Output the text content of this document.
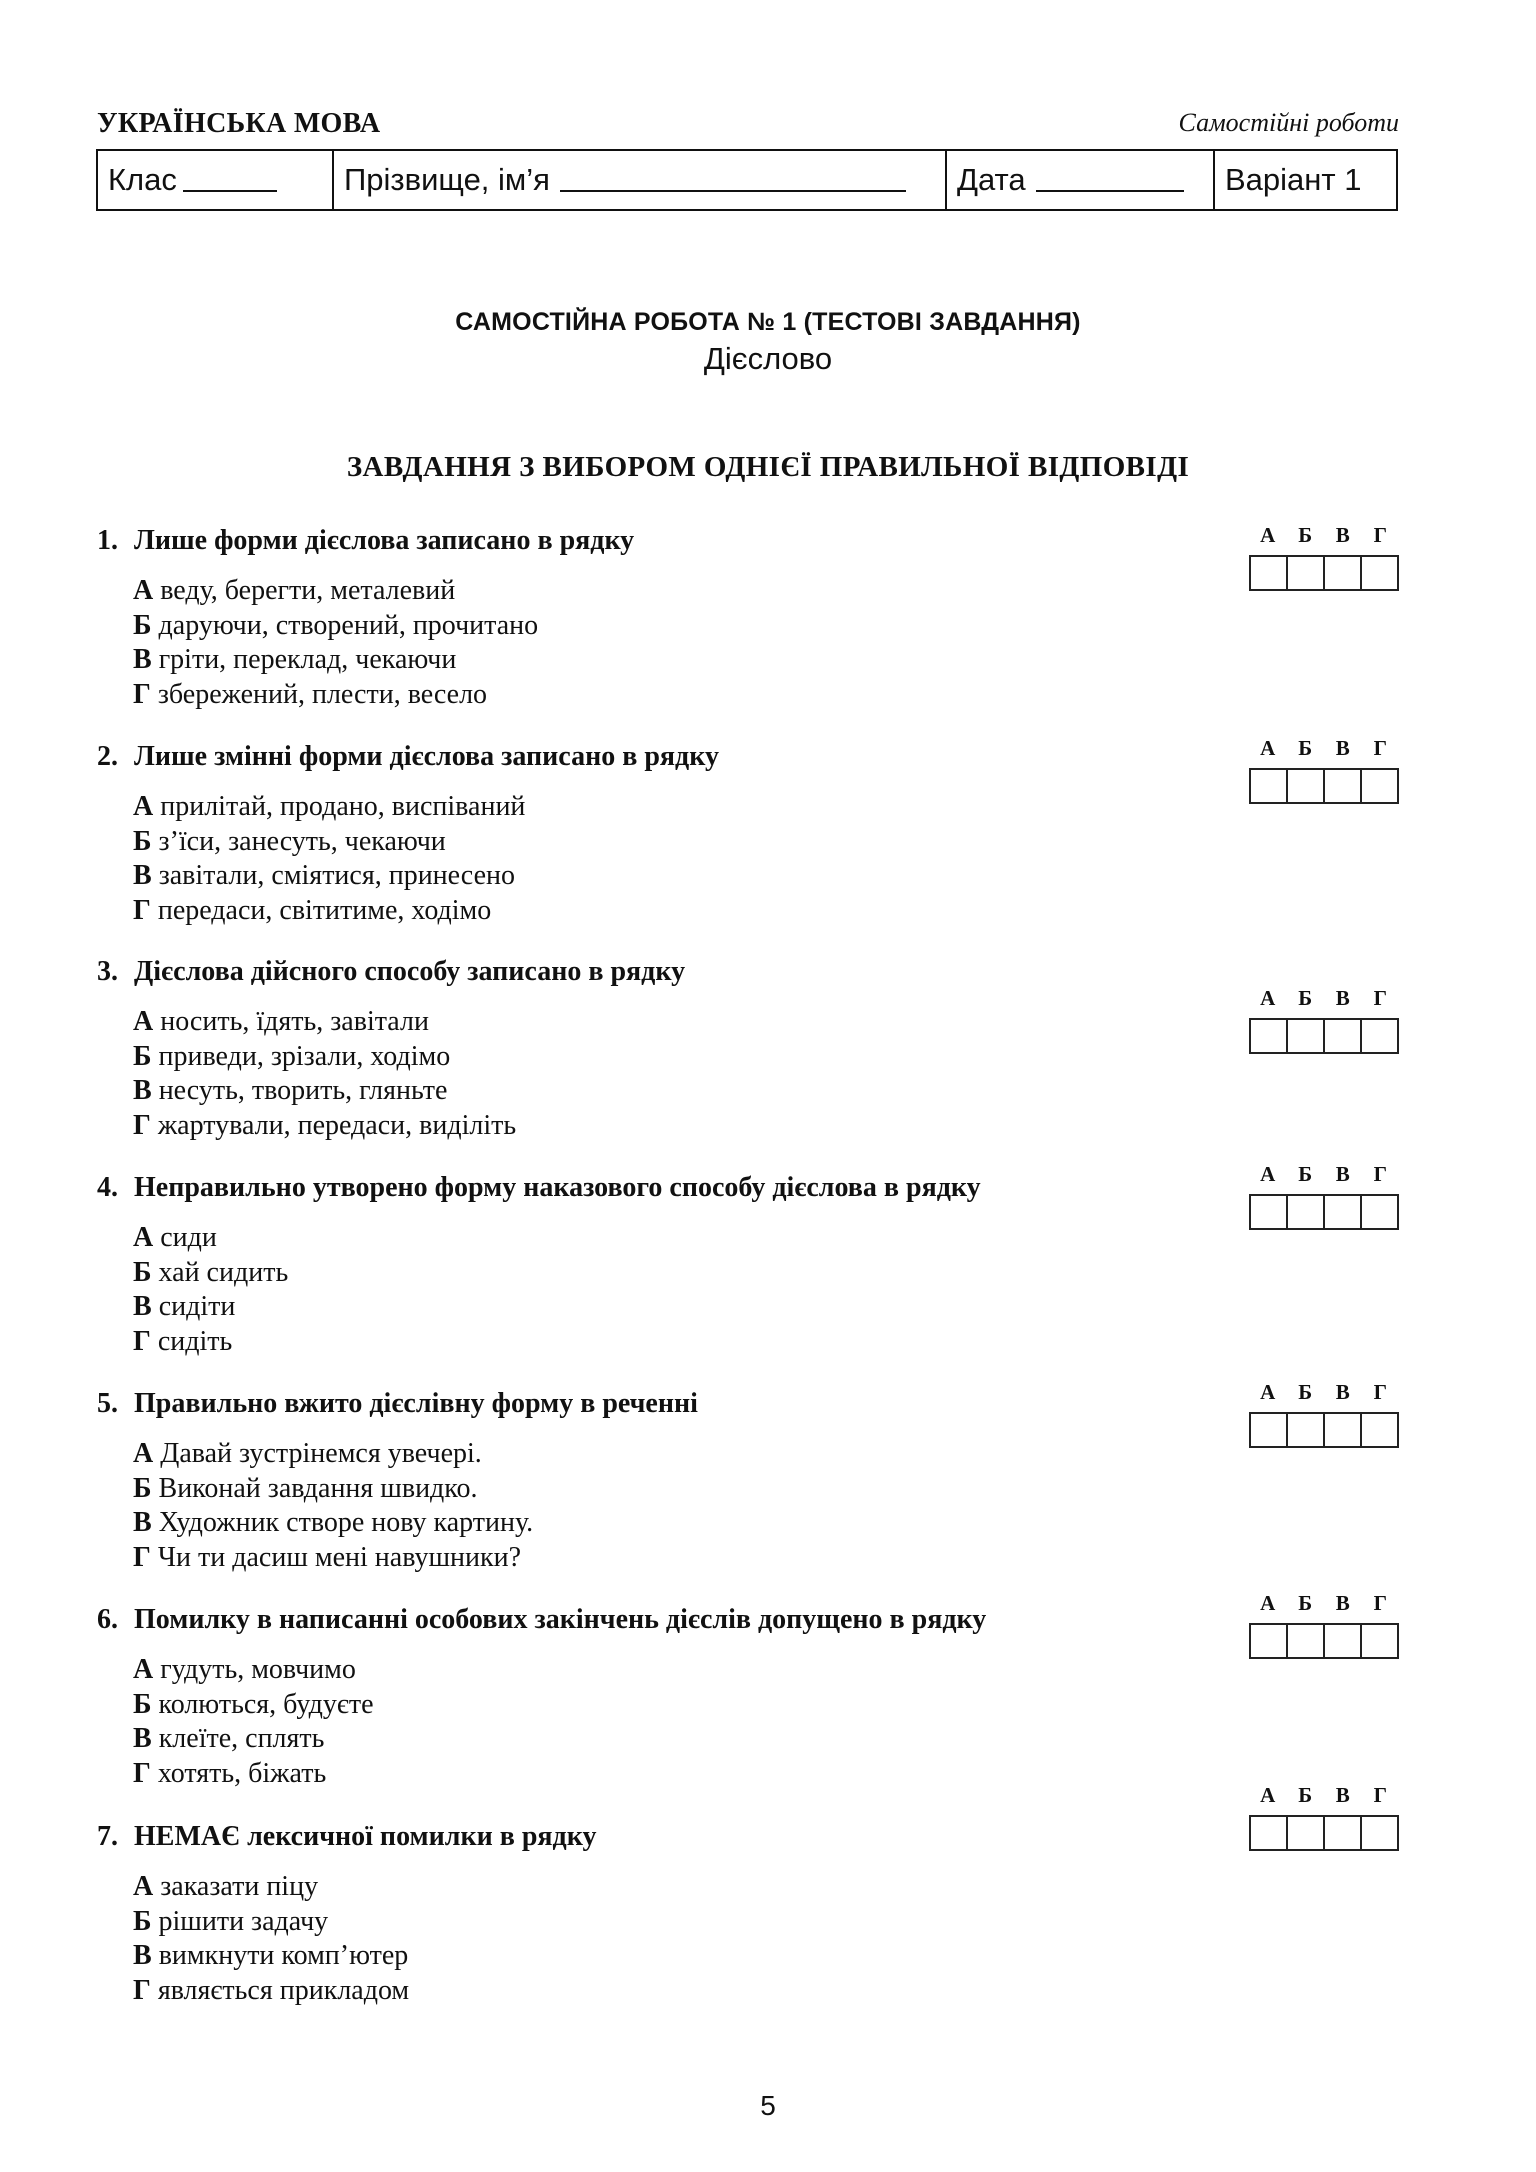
УКРАЇНСЬКА МОВА	Самостійні роботи
Клас	Прізвище, ім’я	Дата	Варіант 1
САМОСТІЙНА РОБОТА № 1 (ТЕСТОВІ ЗАВДАННЯ)
Дієслово
ЗАВДАННЯ З ВИБОРОМ ОДНІЄЇ ПРАВИЛЬНОЇ ВІДПОВІДІ
1. Лише форми дієслова записано в рядку
А веду, берегти, металевий
Б даруючи, створений, прочитано
В гріти, переклад, чекаючи
Г збережений, плести, весело
А	Б	В	Г
2. Лише змінні форми дієслова записано в рядку
А прилітай, продано, виспіваний
Б з’їси, занесуть, чекаючи
В завітали, сміятися, принесено
Г передаси, світитиме, ходімо
А	Б	В	Г
3. Дієслова дійсного способу записано в рядку
А носить, їдять, завітали
Б приведи, зрізали, ходімо
В несуть, творить, гляньте
Г жартували, передаси, виділіть
А	Б	В	Г
4. Неправильно утворено форму наказового способу дієслова в рядку
А сиди
Б хай сидить
В сидіти
Г сидіть
А	Б	В	Г
5. Правильно вжито дієслівну форму в реченні
А Давай зустрінемся увечері.
Б Виконай завдання швидко.
В Художник створе нову картину.
Г Чи ти дасиш мені навушники?
А	Б	В	Г
6. Помилку в написанні особових закінчень дієслів допущено в рядку
А гудуть, мовчимо
Б колються, будуєте
В клеїте, сплять
Г хотять, біжать
А	Б	В	Г
7. НЕМАЄ лексичної помилки в рядку
А заказати піцу
Б рішити задачу
В вимкнути комп’ютер
Г являється прикладом
А	Б	В	Г
5
